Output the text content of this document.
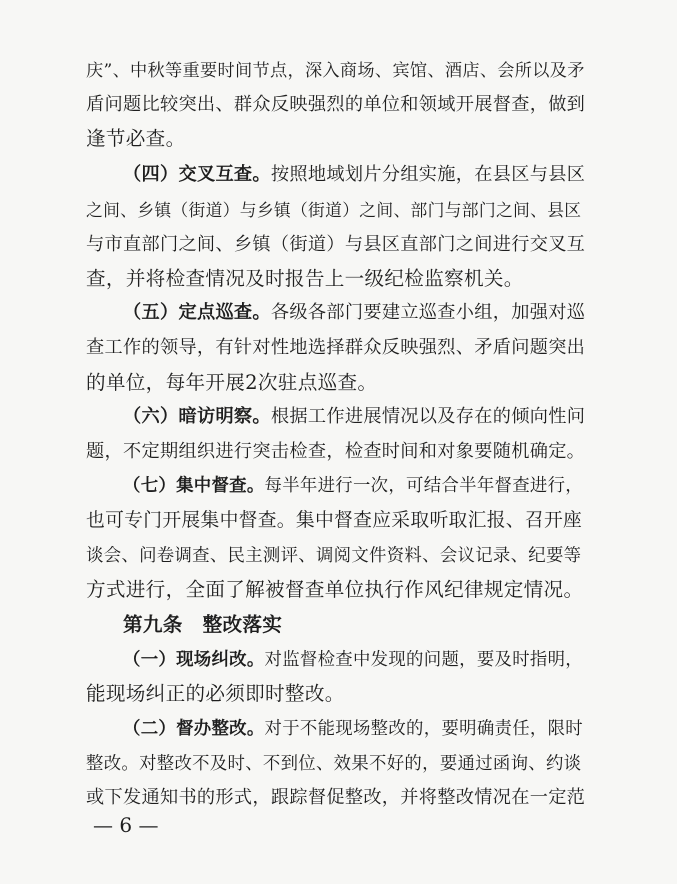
庆”、中秋等重要时间节点，深入商场、宾馆、酒店、会所以及矛
盾问题比较突出、群众反映强烈的单位和领域开展督查，做到
逢节必查。
（四）交叉互查。按照地域划片分组实施，在县区与县区
之间、乡镇（街道）与乡镇（街道）之间、部门与部门之间、县区
与市直部门之间、乡镇（街道）与县区直部门之间进行交叉互
查，并将检查情况及时报告上一级纪检监察机关。
（五）定点巡查。各级各部门要建立巡查小组，加强对巡
查工作的领导，有针对性地选择群众反映强烈、矛盾问题突出
的单位，每年开展2次驻点巡查。
（六）暗访明察。根据工作进展情况以及存在的倾向性问
题，不定期组织进行突击检查，检查时间和对象要随机确定。
（七）集中督查。每半年进行一次，可结合半年督查进行，
也可专门开展集中督查。集中督查应采取听取汇报、召开座
谈会、问卷调查、民主测评、调阅文件资料、会议记录、纪要等
方式进行，全面了解被督查单位执行作风纪律规定情况。
第九条　整改落实
（一）现场纠改。对监督检查中发现的问题，要及时指明，
能现场纠正的必须即时整改。
（二）督办整改。对于不能现场整改的，要明确责任，限时
整改。对整改不及时、不到位、效果不好的，要通过函询、约谈
或下发通知书的形式，跟踪督促整改，并将整改情况在一定范
— 6 —
